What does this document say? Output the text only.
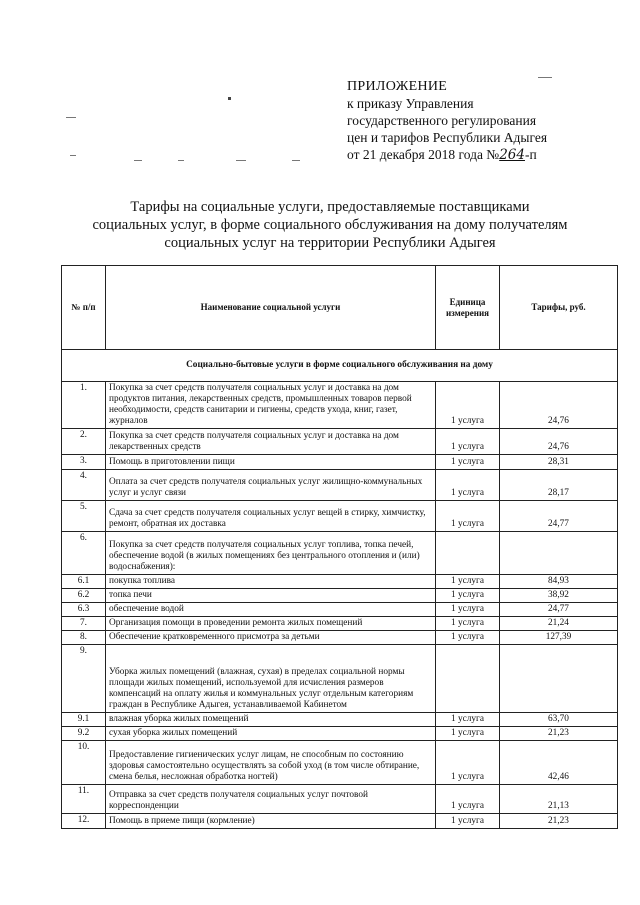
ПРИЛОЖЕНИЕ
к приказу Управления
государственного регулирования
цен и тарифов Республики Адыгея
от 21 декабря 2018 года №264-п
Тарифы на социальные услуги, предоставляемые поставщиками
социальных услуг, в форме социального обслуживания на дому получателям
социальных услуг на территории Республики Адыгея
№ п/п	Наименование социальной услуги	Единица измерения	Тарифы, руб.
Социально-бытовые услуги в форме социального обслуживания на дому			
1.	Покупка за счет средств получателя социальных услуг и доставка на дом продуктов питания, лекарственных средств, промышленных товаров первой необходимости, средств санитарии и гигиены, средств ухода, книг, газет, журналов	1 услуга	24,76
2.	Покупка за счет средств получателя социальных услуг и доставка на дом лекарственных средств	1 услуга	24,76
3.	Помощь в приготовлении пищи	1 услуга	28,31
4.	Оплата за счет средств получателя социальных услуг жилищно-коммунальных услуг и услуг связи	1 услуга	28,17
5.	Сдача за счет средств получателя социальных услуг вещей в стирку, химчистку, ремонт, обратная их доставка	1 услуга	24,77
6.	Покупка за счет средств получателя социальных услуг топлива, топка печей, обеспечение водой (в жилых помещениях без центрального отопления и (или) водоснабжения):		
6.1	покупка топлива	1 услуга	84,93
6.2	топка печи	1 услуга	38,92
6.3	обеспечение водой	1 услуга	24,77
7.	Организация помощи в проведении ремонта жилых помещений	1 услуга	21,24
8.	Обеспечение кратковременного присмотра за детьми	1 услуга	127,39
9.	Уборка жилых помещений (влажная, сухая) в пределах социальной нормы площади жилых помещений, используемой для исчисления размеров компенсаций на оплату жилья и коммунальных услуг отдельным категориям граждан в Республике Адыгея, устанавливаемой Кабинетом		
9.1	влажная уборка жилых помещений	1 услуга	63,70
9.2	сухая уборка жилых помещений	1 услуга	21,23
10.	Предоставление гигиенических услуг лицам, не способным по состоянию здоровья самостоятельно осуществлять за собой уход (в том числе обтирание, смена белья, несложная обработка ногтей)	1 услуга	42,46
11.	Отправка за счет средств получателя социальных услуг почтовой корреспонденции	1 услуга	21,13
12.	Помощь в приеме пищи (кормление)	1 услуга	21,23
